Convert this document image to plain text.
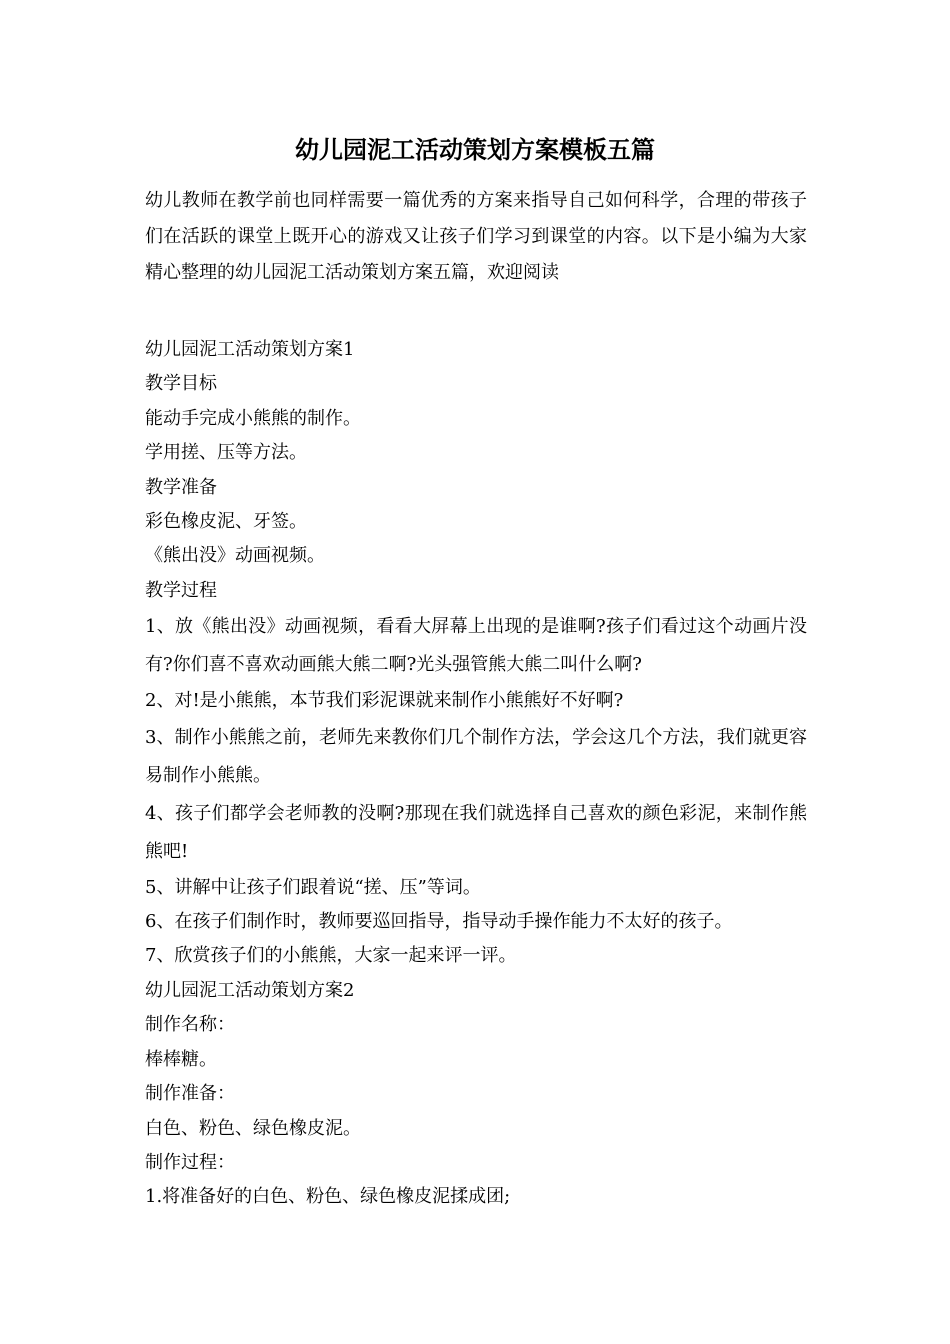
幼儿园泥工活动策划方案模板五篇

幼儿教师在教学前也同样需要一篇优秀的方案来指导自己如何科学，合理的带孩子们在活跃的课堂上既开心的游戏又让孩子们学习到课堂的内容。以下是小编为大家精心整理的幼儿园泥工活动策划方案五篇，欢迎阅读

幼儿园泥工活动策划方案1

教学目标

能动手完成小熊熊的制作。

学用搓、压等方法。

教学准备

彩色橡皮泥、牙签。

《熊出没》动画视频。

教学过程

1、放《熊出没》动画视频，看看大屏幕上出现的是谁啊?孩子们看过这个动画片没有?你们喜不喜欢动画熊大熊二啊?光头强管熊大熊二叫什么啊?

2、对!是小熊熊，本节我们彩泥课就来制作小熊熊好不好啊?

3、制作小熊熊之前，老师先来教你们几个制作方法，学会这几个方法，我们就更容易制作小熊熊。

4、孩子们都学会老师教的没啊?那现在我们就选择自己喜欢的颜色彩泥，来制作熊熊吧!

5、讲解中让孩子们跟着说“搓、压”等词。

6、在孩子们制作时，教师要巡回指导，指导动手操作能力不太好的孩子。

7、欣赏孩子们的小熊熊，大家一起来评一评。

幼儿园泥工活动策划方案2

制作名称：

棒棒糖。

制作准备：

白色、粉色、绿色橡皮泥。

制作过程：

1.将准备好的白色、粉色、绿色橡皮泥揉成团;
